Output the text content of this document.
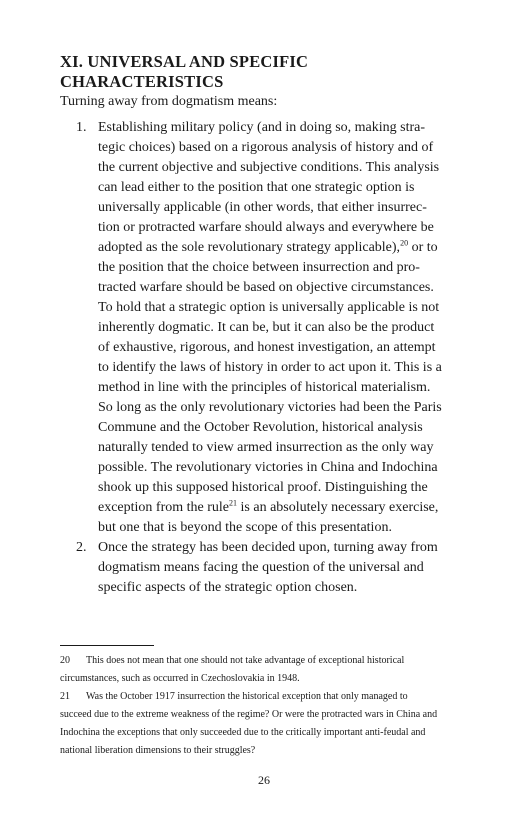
XI. UNIVERSAL AND SPECIFIC CHARACTERISTICS

Turning away from dogmatism means:

1. Establishing military policy (and in doing so, making stra-
tegic choices) based on a rigorous analysis of history and of
the current objective and subjective conditions. This analysis
can lead either to the position that one strategic option is
universally applicable (in other words, that either insurrec-
tion or protracted warfare should always and everywhere be
adopted as the sole revolutionary strategy applicable),$^{20}$ or to
the position that the choice between insurrection and pro-
tracted warfare should be based on objective circumstances.
To hold that a strategic option is universally applicable is not
inherently dogmatic. It can be, but it can also be the product
of exhaustive, rigorous, and honest investigation, an attempt
to identify the laws of history in order to act upon it. This is a
method in line with the principles of historical materialism.
So long as the only revolutionary victories had been the Paris
Commune and the October Revolution, historical analysis
naturally tended to view armed insurrection as the only way
possible. The revolutionary victories in China and Indochina
shook up this supposed historical proof. Distinguishing the
exception from the rule$^{21}$ is an absolutely necessary exercise,
but one that is beyond the scope of this presentation.
2. Once the strategy has been decided upon, turning away from
dogmatism means facing the question of the universal and
specific aspects of the strategic option chosen.
20 This does not mean that one should not take advantage of exceptional historical
circumstances, such as occurred in Czechoslovakia in 1948.
21 Was the October 1917 insurrection the historical exception that only managed to
succeed due to the extreme weakness of the regime? Or were the protracted wars in China and
Indochina the exceptions that only succeeded due to the critically important anti-feudal and
national liberation dimensions to their struggles?
26
